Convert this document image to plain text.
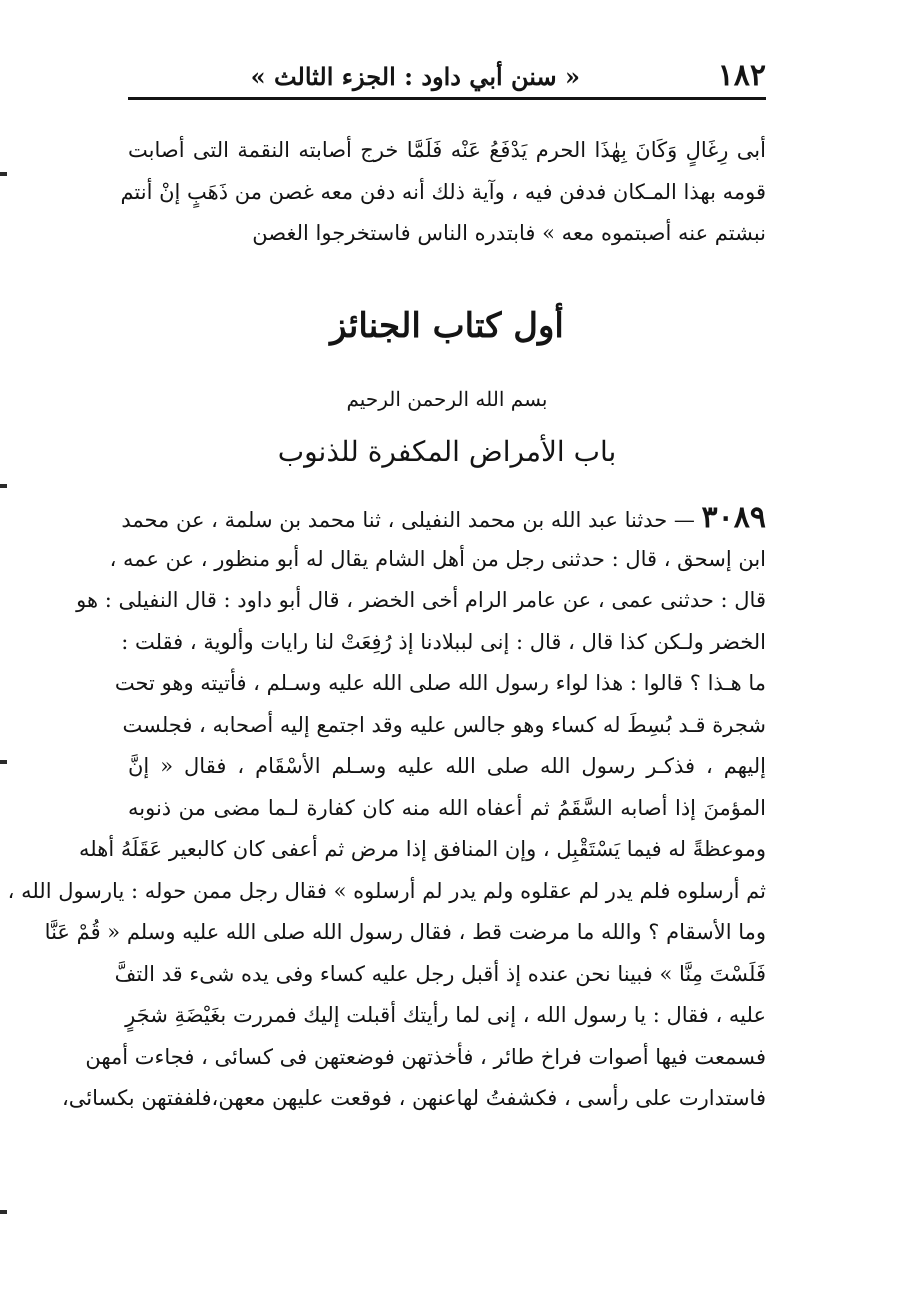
١٨٢
« سنن أبي داود : الجزء الثالث »
أبى رِغَالٍ وَكَانَ بِهٰذَا الحرم يَدْفَعُ عَنْه فَلَمَّا خرج أصابته النقمة التى أصابت
قومه بهذا المـكان فدفن فيه ، وآية ذلك أنه دفن معه غصن من ذَهَبٍ إنْ أنتم
نبشتم عنه أصبتموه معه » فابتدره الناس فاستخرجوا الغصن
أول كتاب الجنائز
بسم الله الرحمن الرحيم
باب الأمراض المكفرة للذنوب
٣٠٨٩ — حدثنا عبد الله بن محمد النفيلى ، ثنا محمد بن سلمة ، عن محمد
ابن إسحق ، قال : حدثنى رجل من أهل الشام يقال له أبو منظور ، عن عمه ،
قال : حدثنى عمى ، عن عامر الرام أخى الخضر ، قال أبو داود : قال النفيلى : هو
الخضر ولـكن كذا قال ، قال : إنى لببلادنا إذ رُفِعَتْ لنا رايات وألوية ، فقلت :
ما هـذا ؟ قالوا : هذا لواء رسول الله صلى الله عليه وسـلم ، فأتيته وهو تحت
شجرة قـد بُسِطَ له كساء وهو جالس عليه وقد اجتمع إليه أصحابه ، فجلست
إليهم ، فذكـر رسول الله صلى الله عليه وسـلم الأسْقَام ، فقال « إنَّ
المؤمنَ إذا أصابه السَّقَمُ ثم أعفاه الله منه كان كفارة لـما مضى من ذنوبه
وموعظةً له فيما يَسْتَقْبِل ، وإن المنافق إذا مرض ثم أعفى كان كالبعير عَقَلَهُ أهله
ثم أرسلوه فلم يدر لم عقلوه ولم يدر لم أرسلوه » فقال رجل ممن حوله : يارسول الله ،
وما الأسقام ؟ والله ما مرضت قط ، فقال رسول الله صلى الله عليه وسلم « قُمْ عَنَّا
فَلَسْتَ مِنَّا » فبينا نحن عنده إذ أقبل رجل عليه كساء وفى يده شىء قد التفَّ
عليه ، فقال : يا رسول الله ، إنى لما رأيتك أقبلت إليك فمررت بغَيْضَةِ شجَرٍ
فسمعت فيها أصوات فراخ طائر ، فأخذتهن فوضعتهن فى كسائى ، فجاءت أمهن
فاستدارت على رأسى ، فكشفتُ لهاعنهن ، فوقعت عليهن معهن،فلففتهن بكسائى،
